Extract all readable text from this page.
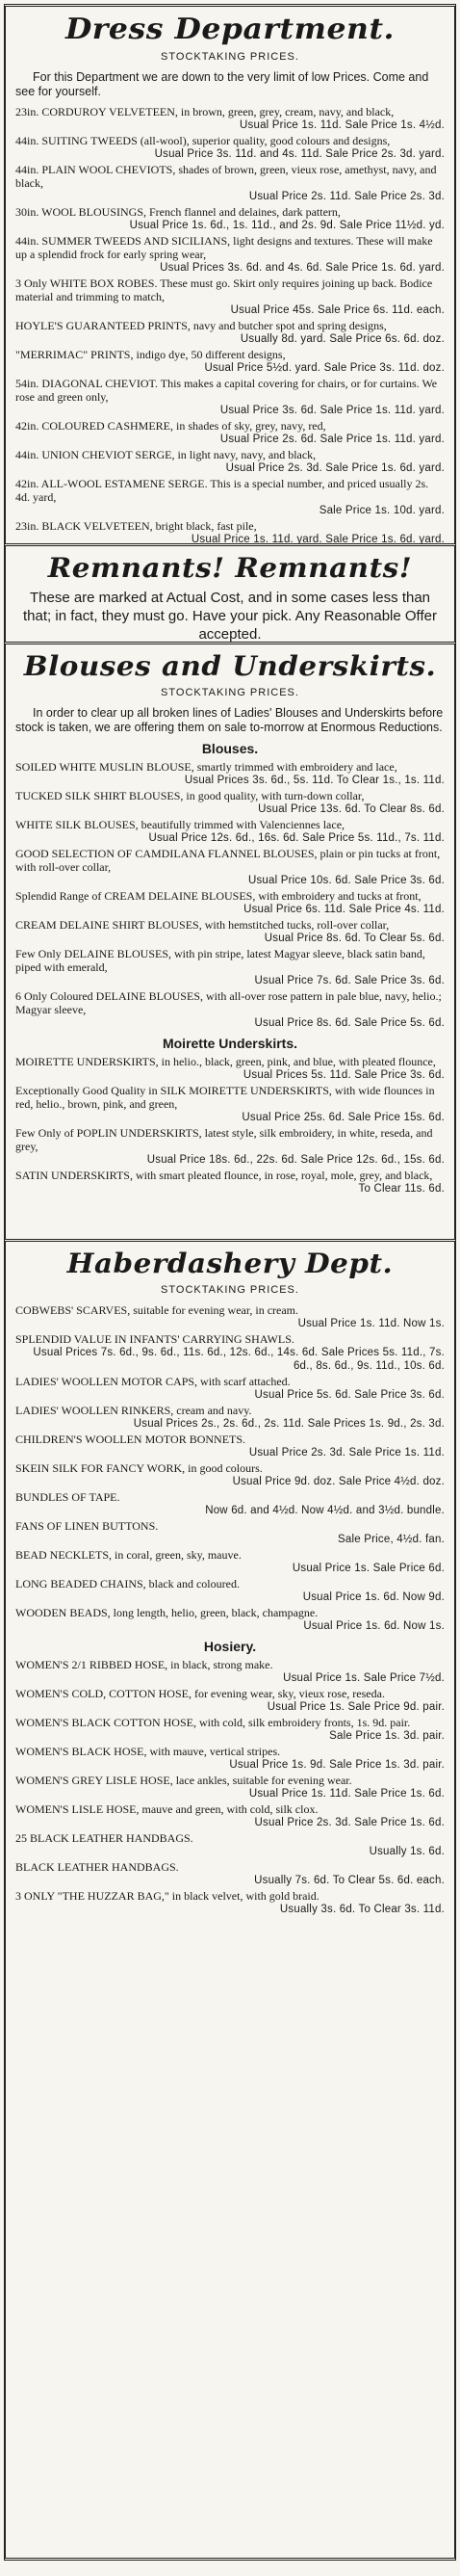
Dress Department.
STOCKTAKING PRICES.
For this Department we are down to the very limit of low Prices. Come and see for yourself.
23in. CORDUROY VELVETEEN, in brown, green, grey, cream, navy, and black,
Usual Price 1s. 11d. Sale Price 1s. 4½d.
44in. SUITING TWEEDS (all-wool), superior quality, good colours and designs,
Usual Price 3s. 11d. and 4s. 11d. Sale Price 2s. 3d. yard.
44in. PLAIN WOOL CHEVIOTS, shades of brown, green, vieux rose, amethyst, navy, and black,
Usual Price 2s. 11d. Sale Price 2s. 3d.
30in. WOOL BLOUSINGS, French flannel and delaines, dark pattern,
Usual Price 1s. 6d., 1s. 11d., and 2s. 9d. Sale Price 11½d. yd.
44in. SUMMER TWEEDS AND SICILIANS, light designs and textures. These will make up a splendid frock for early spring wear,
Usual Prices 3s. 6d. and 4s. 6d. Sale Price 1s. 6d. yard.
3 Only WHITE BOX ROBES. These must go. Skirt only requires joining up back. Bodice material and trimming to match,
Usual Price 45s. Sale Price 6s. 11d. each.
HOYLE'S GUARANTEED PRINTS, navy and butcher spot and spring designs,
Usually 8d. yard. Sale Price 6s. 6d. doz.
"MERRIMAC" PRINTS, indigo dye, 50 different designs,
Usual Price 5½d. yard. Sale Price 3s. 11d. doz.
54in. DIAGONAL CHEVIOT. This makes a capital covering for chairs, or for curtains. We rose and green only,
Usual Price 3s. 6d. Sale Price 1s. 11d. yard.
42in. COLOURED CASHMERE, in shades of sky, grey, navy, red,
Usual Price 2s. 6d. Sale Price 1s. 11d. yard.
44in. UNION CHEVIOT SERGE, in light navy, navy, and black,
Usual Price 2s. 3d. Sale Price 1s. 6d. yard.
42in. ALL-WOOL ESTAMENE SERGE. This is a special number, and priced usually 2s. 4d. yard,
Sale Price 1s. 10d. yard.
23in. BLACK VELVETEEN, bright black, fast pile,
Usual Price 1s. 11d. yard. Sale Price 1s. 6d. yard.
Remnants! Remnants!
These are marked at Actual Cost, and in some cases less than that; in fact, they must go. Have your pick. Any Reasonable Offer accepted.
Blouses and Underskirts.
STOCKTAKING PRICES.
In order to clear up all broken lines of Ladies' Blouses and Underskirts before stock is taken, we are offering them on sale to-morrow at Enormous Reductions.
Blouses.
SOILED WHITE MUSLIN BLOUSE, smartly trimmed with embroidery and lace,
Usual Prices 3s. 6d., 5s. 11d. To Clear 1s., 1s. 11d.
TUCKED SILK SHIRT BLOUSES, in good quality, with turn-down collar,
Usual Price 13s. 6d. To Clear 8s. 6d.
WHITE SILK BLOUSES, beautifully trimmed with Valenciennes lace,
Usual Price 12s. 6d., 16s. 6d. Sale Price 5s. 11d., 7s. 11d.
GOOD SELECTION OF CAMDILANA FLANNEL BLOUSES, plain or pin tucks at front, with roll-over collar,
Usual Price 10s. 6d. Sale Price 3s. 6d.
Splendid Range of CREAM DELAINE BLOUSES, with embroidery and tucks at front,
Usual Price 6s. 11d. Sale Price 4s. 11d.
CREAM DELAINE SHIRT BLOUSES, with hemstitched tucks, roll-over collar,
Usual Price 8s. 6d. To Clear 5s. 6d.
Few Only DELAINE BLOUSES, with pin stripe, latest Magyar sleeve, black satin band, piped with emerald,
Usual Price 7s. 6d. Sale Price 3s. 6d.
6 Only Coloured DELAINE BLOUSES, with all-over rose pattern in pale blue, navy, helio.; Magyar sleeve,
Usual Price 8s. 6d. Sale Price 5s. 6d.
Moirette Underskirts.
MOIRETTE UNDERSKIRTS, in helio., black, green, pink, and blue, with pleated flounce,
Usual Prices 5s. 11d. Sale Price 3s. 6d.
Exceptionally Good Quality in SILK MOIRETTE UNDERSKIRTS, with wide flounces in red, helio., brown, pink, and green,
Usual Price 25s. 6d. Sale Price 15s. 6d.
Few Only of POPLIN UNDERSKIRTS, latest style, silk embroidery, in white, reseda, and grey,
Usual Price 18s. 6d., 22s. 6d. Sale Price 12s. 6d., 15s. 6d.
SATIN UNDERSKIRTS, with smart pleated flounce, in rose, royal, mole, grey, and black,
To Clear 11s. 6d.
Haberdashery Dept.
STOCKTAKING PRICES.
COBWEBS' SCARVES, suitable for evening wear, in cream.
Usual Price 1s. 11d. Now 1s.
SPLENDID VALUE IN INFANTS' CARRYING SHAWLS.
Usual Prices 7s. 6d., 9s. 6d., 11s. 6d., 12s. 6d., 14s. 6d. Sale Prices 5s. 11d., 7s. 6d., 8s. 6d., 9s. 11d., 10s. 6d.
LADIES' WOOLLEN MOTOR CAPS, with scarf attached.
Usual Price 5s. 6d. Sale Price 3s. 6d.
LADIES' WOOLLEN RINKERS, cream and navy.
Usual Prices 2s., 2s. 6d., 2s. 11d. Sale Prices 1s. 9d., 2s. 3d.
CHILDREN'S WOOLLEN MOTOR BONNETS.
Usual Price 2s. 3d. Sale Price 1s. 11d.
SKEIN SILK FOR FANCY WORK, in good colours.
Usual Price 9d. doz. Sale Price 4½d. doz.
BUNDLES OF TAPE.
Now 6d. and 4½d. Now 4½d. and 3½d. bundle.
FANS OF LINEN BUTTONS.
Sale Price, 4½d. fan.
BEAD NECKLETS, in coral, green, sky, mauve.
Usual Price 1s. Sale Price 6d.
LONG BEADED CHAINS, black and coloured.
Usual Price 1s. 6d. Now 9d.
WOODEN BEADS, long length, helio, green, black, champagne.
Usual Price 1s. 6d. Now 1s.
Hosiery.
WOMEN'S 2/1 RIBBED HOSE, in black, strong make.
Usual Price 1s. Sale Price 7½d.
WOMEN'S COLD, COTTON HOSE, for evening wear, sky, vieux rose, reseda.
Usual Price 1s. Sale Price 9d. pair.
WOMEN'S BLACK COTTON HOSE, with cold, silk embroidery fronts, 1s. 9d. pair.
Sale Price 1s. 3d. pair.
WOMEN'S BLACK HOSE, with mauve, vertical stripes.
Usual Price 1s. 9d. Sale Price 1s. 3d. pair.
WOMEN'S GREY LISLE HOSE, lace ankles, suitable for evening wear.
Usual Price 1s. 11d. Sale Price 1s. 6d.
WOMEN'S LISLE HOSE, mauve and green, with cold, silk clox.
Usual Price 2s. 3d. Sale Price 1s. 6d.
25 BLACK LEATHER HANDBAGS.
Usually 1s. 6d.
BLACK LEATHER HANDBAGS.
Usually 7s. 6d. To Clear 5s. 6d. each.
3 ONLY "THE HUZZAR BAG," in black velvet, with gold braid.
Usually 3s. 6d. To Clear 3s. 11d.
